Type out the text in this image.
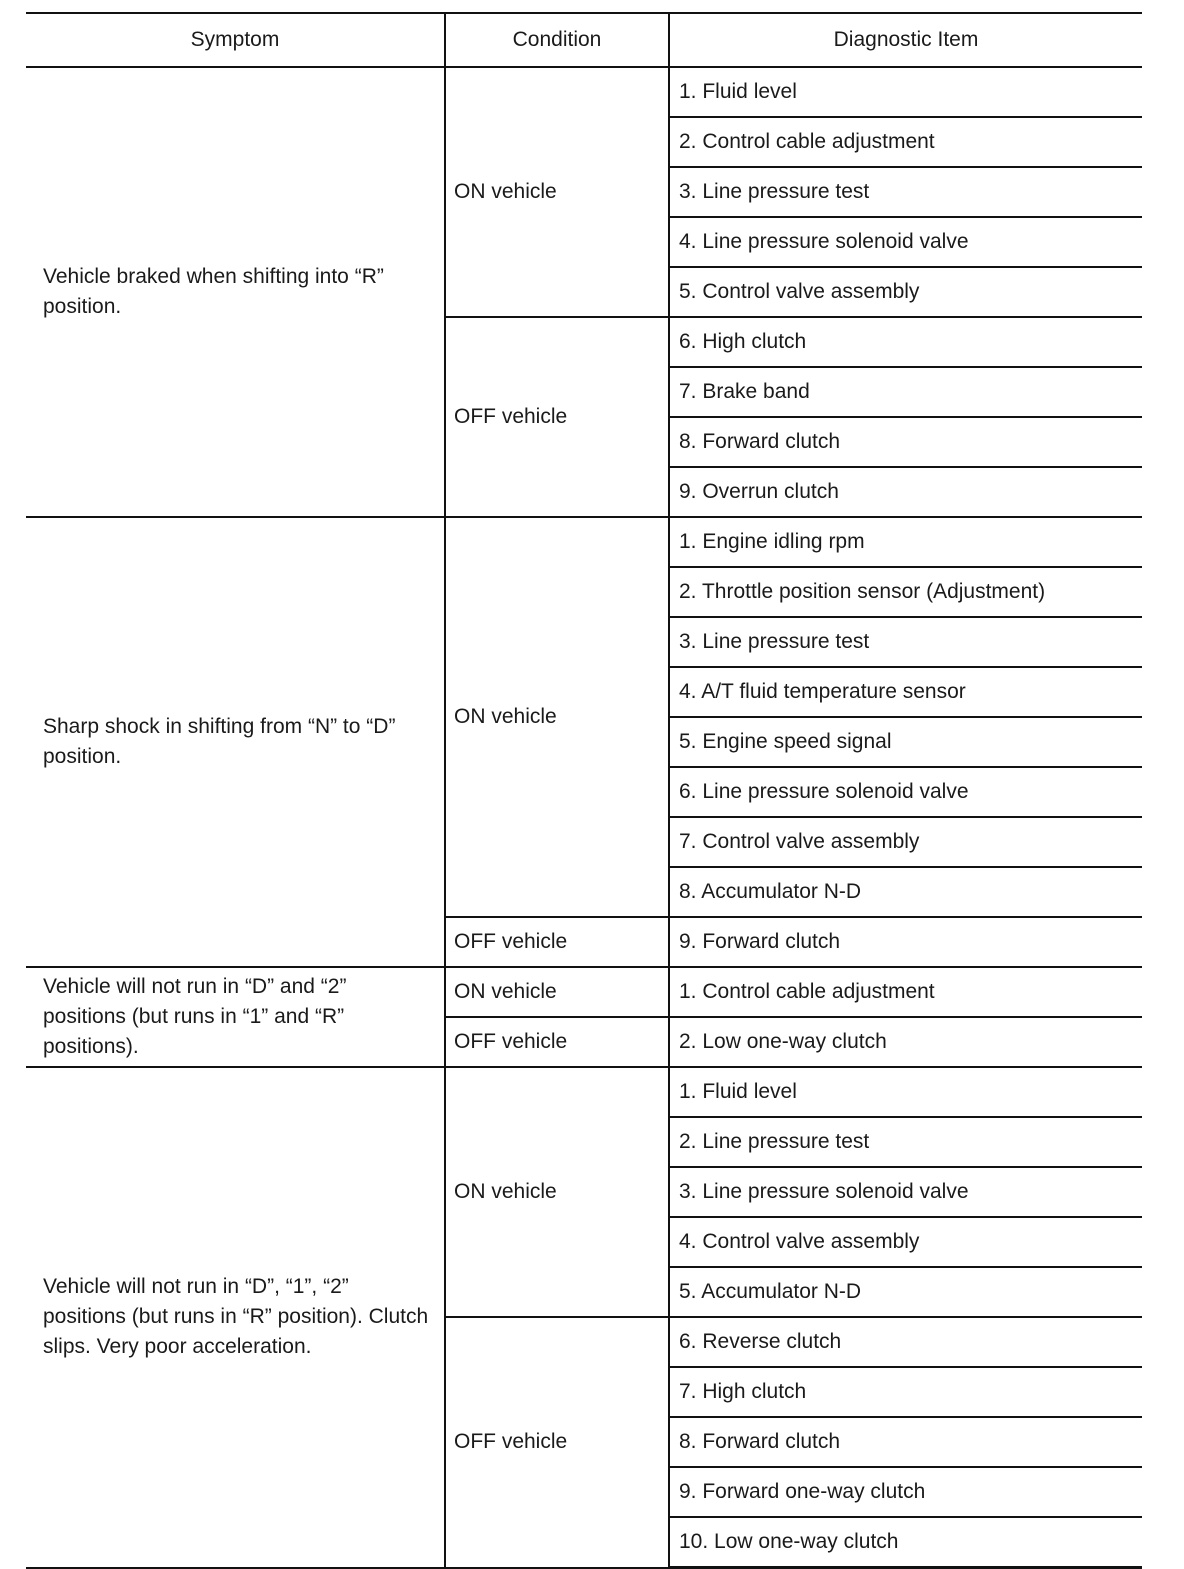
Symptom	Condition	Diagnostic Item
Vehicle braked when shifting into “R” position.	ON vehicle	1. Fluid level
		2. Control cable adjustment
		3. Line pressure test
		4. Line pressure solenoid valve
		5. Control valve assembly
	OFF vehicle	6. High clutch
		7. Brake band
		8. Forward clutch
		9. Overrun clutch
Sharp shock in shifting from “N” to “D” position.	ON vehicle	1. Engine idling rpm
		2. Throttle position sensor (Adjustment)
		3. Line pressure test
		4. A/T fluid temperature sensor
		5. Engine speed signal
		6. Line pressure solenoid valve
		7. Control valve assembly
		8. Accumulator N-D
	OFF vehicle	9. Forward clutch
Vehicle will not run in “D” and “2” positions (but runs in “1” and “R” positions).	ON vehicle	1. Control cable adjustment
	OFF vehicle	2. Low one-way clutch
Vehicle will not run in “D”, “1”, “2” positions (but runs in “R” position). Clutch slips. Very poor acceleration.	ON vehicle	1. Fluid level
		2. Line pressure test
		3. Line pressure solenoid valve
		4. Control valve assembly
		5. Accumulator N-D
	OFF vehicle	6. Reverse clutch
		7. High clutch
		8. Forward clutch
		9. Forward one-way clutch
		10. Low one-way clutch
